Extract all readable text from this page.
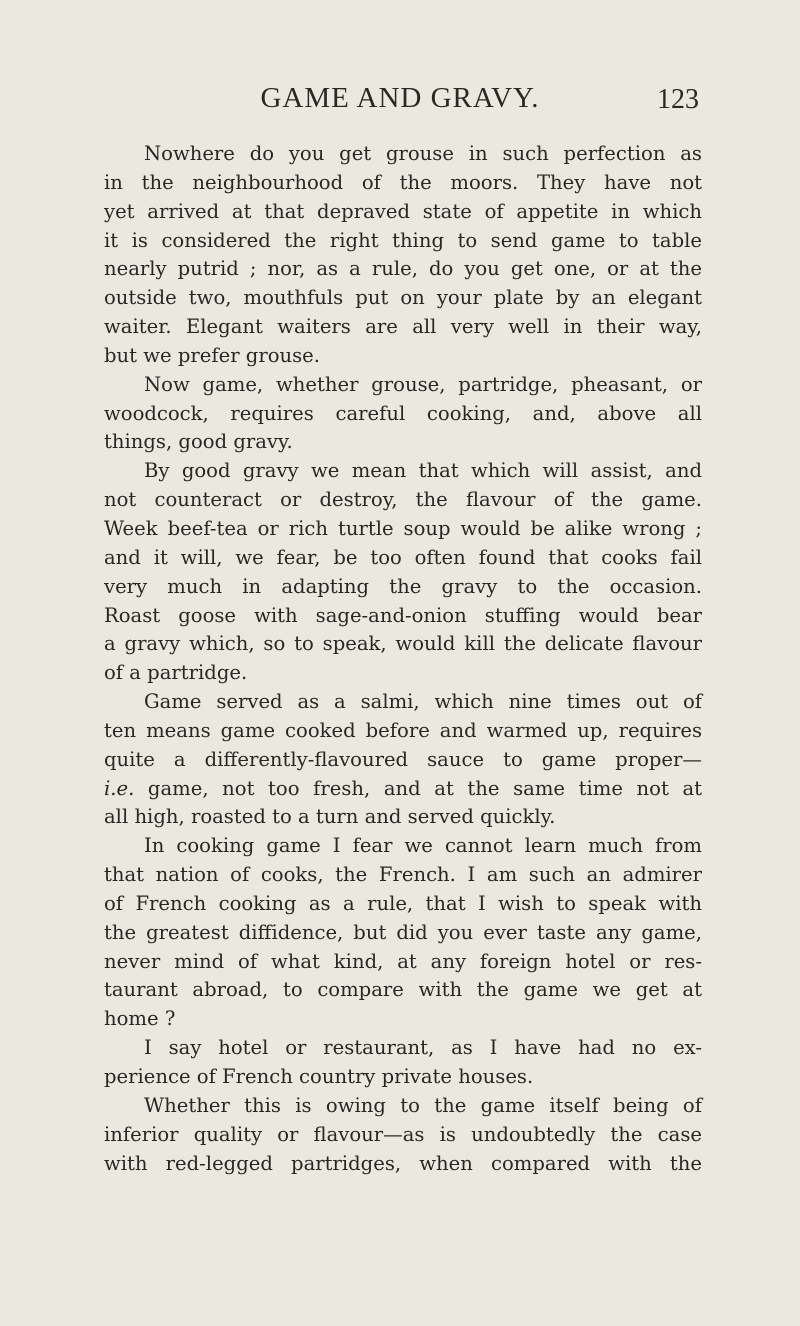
GAME AND GRAVY.	123
Nowhere do you get grouse in such perfection as
in the neighbourhood of the moors. They have not
yet arrived at that depraved state of appetite in which
it is considered the right thing to send game to table
nearly putrid ; nor, as a rule, do you get one, or at the
outside two, mouthfuls put on your plate by an elegant
waiter. Elegant waiters are all very well in their way,
but we prefer grouse.
Now game, whether grouse, partridge, pheasant, or
woodcock, requires careful cooking, and, above all
things, good gravy.
By good gravy we mean that which will assist, and
not counteract or destroy, the flavour of the game.
Week beef-tea or rich turtle soup would be alike wrong ;
and it will, we fear, be too often found that cooks fail
very much in adapting the gravy to the occasion.
Roast goose with sage-and-onion stuffing would bear
a gravy which, so to speak, would kill the delicate flavour
of a partridge.
Game served as a salmi, which nine times out of
ten means game cooked before and warmed up, requires
quite a differently-flavoured sauce to game proper—
i.e. game, not too fresh, and at the same time not at
all high, roasted to a turn and served quickly.
In cooking game I fear we cannot learn much from
that nation of cooks, the French. I am such an admirer
of French cooking as a rule, that I wish to speak with
the greatest diffidence, but did you ever taste any game,
never mind of what kind, at any foreign hotel or res-
taurant abroad, to compare with the game we get at
home ?
I say hotel or restaurant, as I have had no ex-
perience of French country private houses.
Whether this is owing to the game itself being of
inferior quality or flavour—as is undoubtedly the case
with red-legged partridges, when compared with the
